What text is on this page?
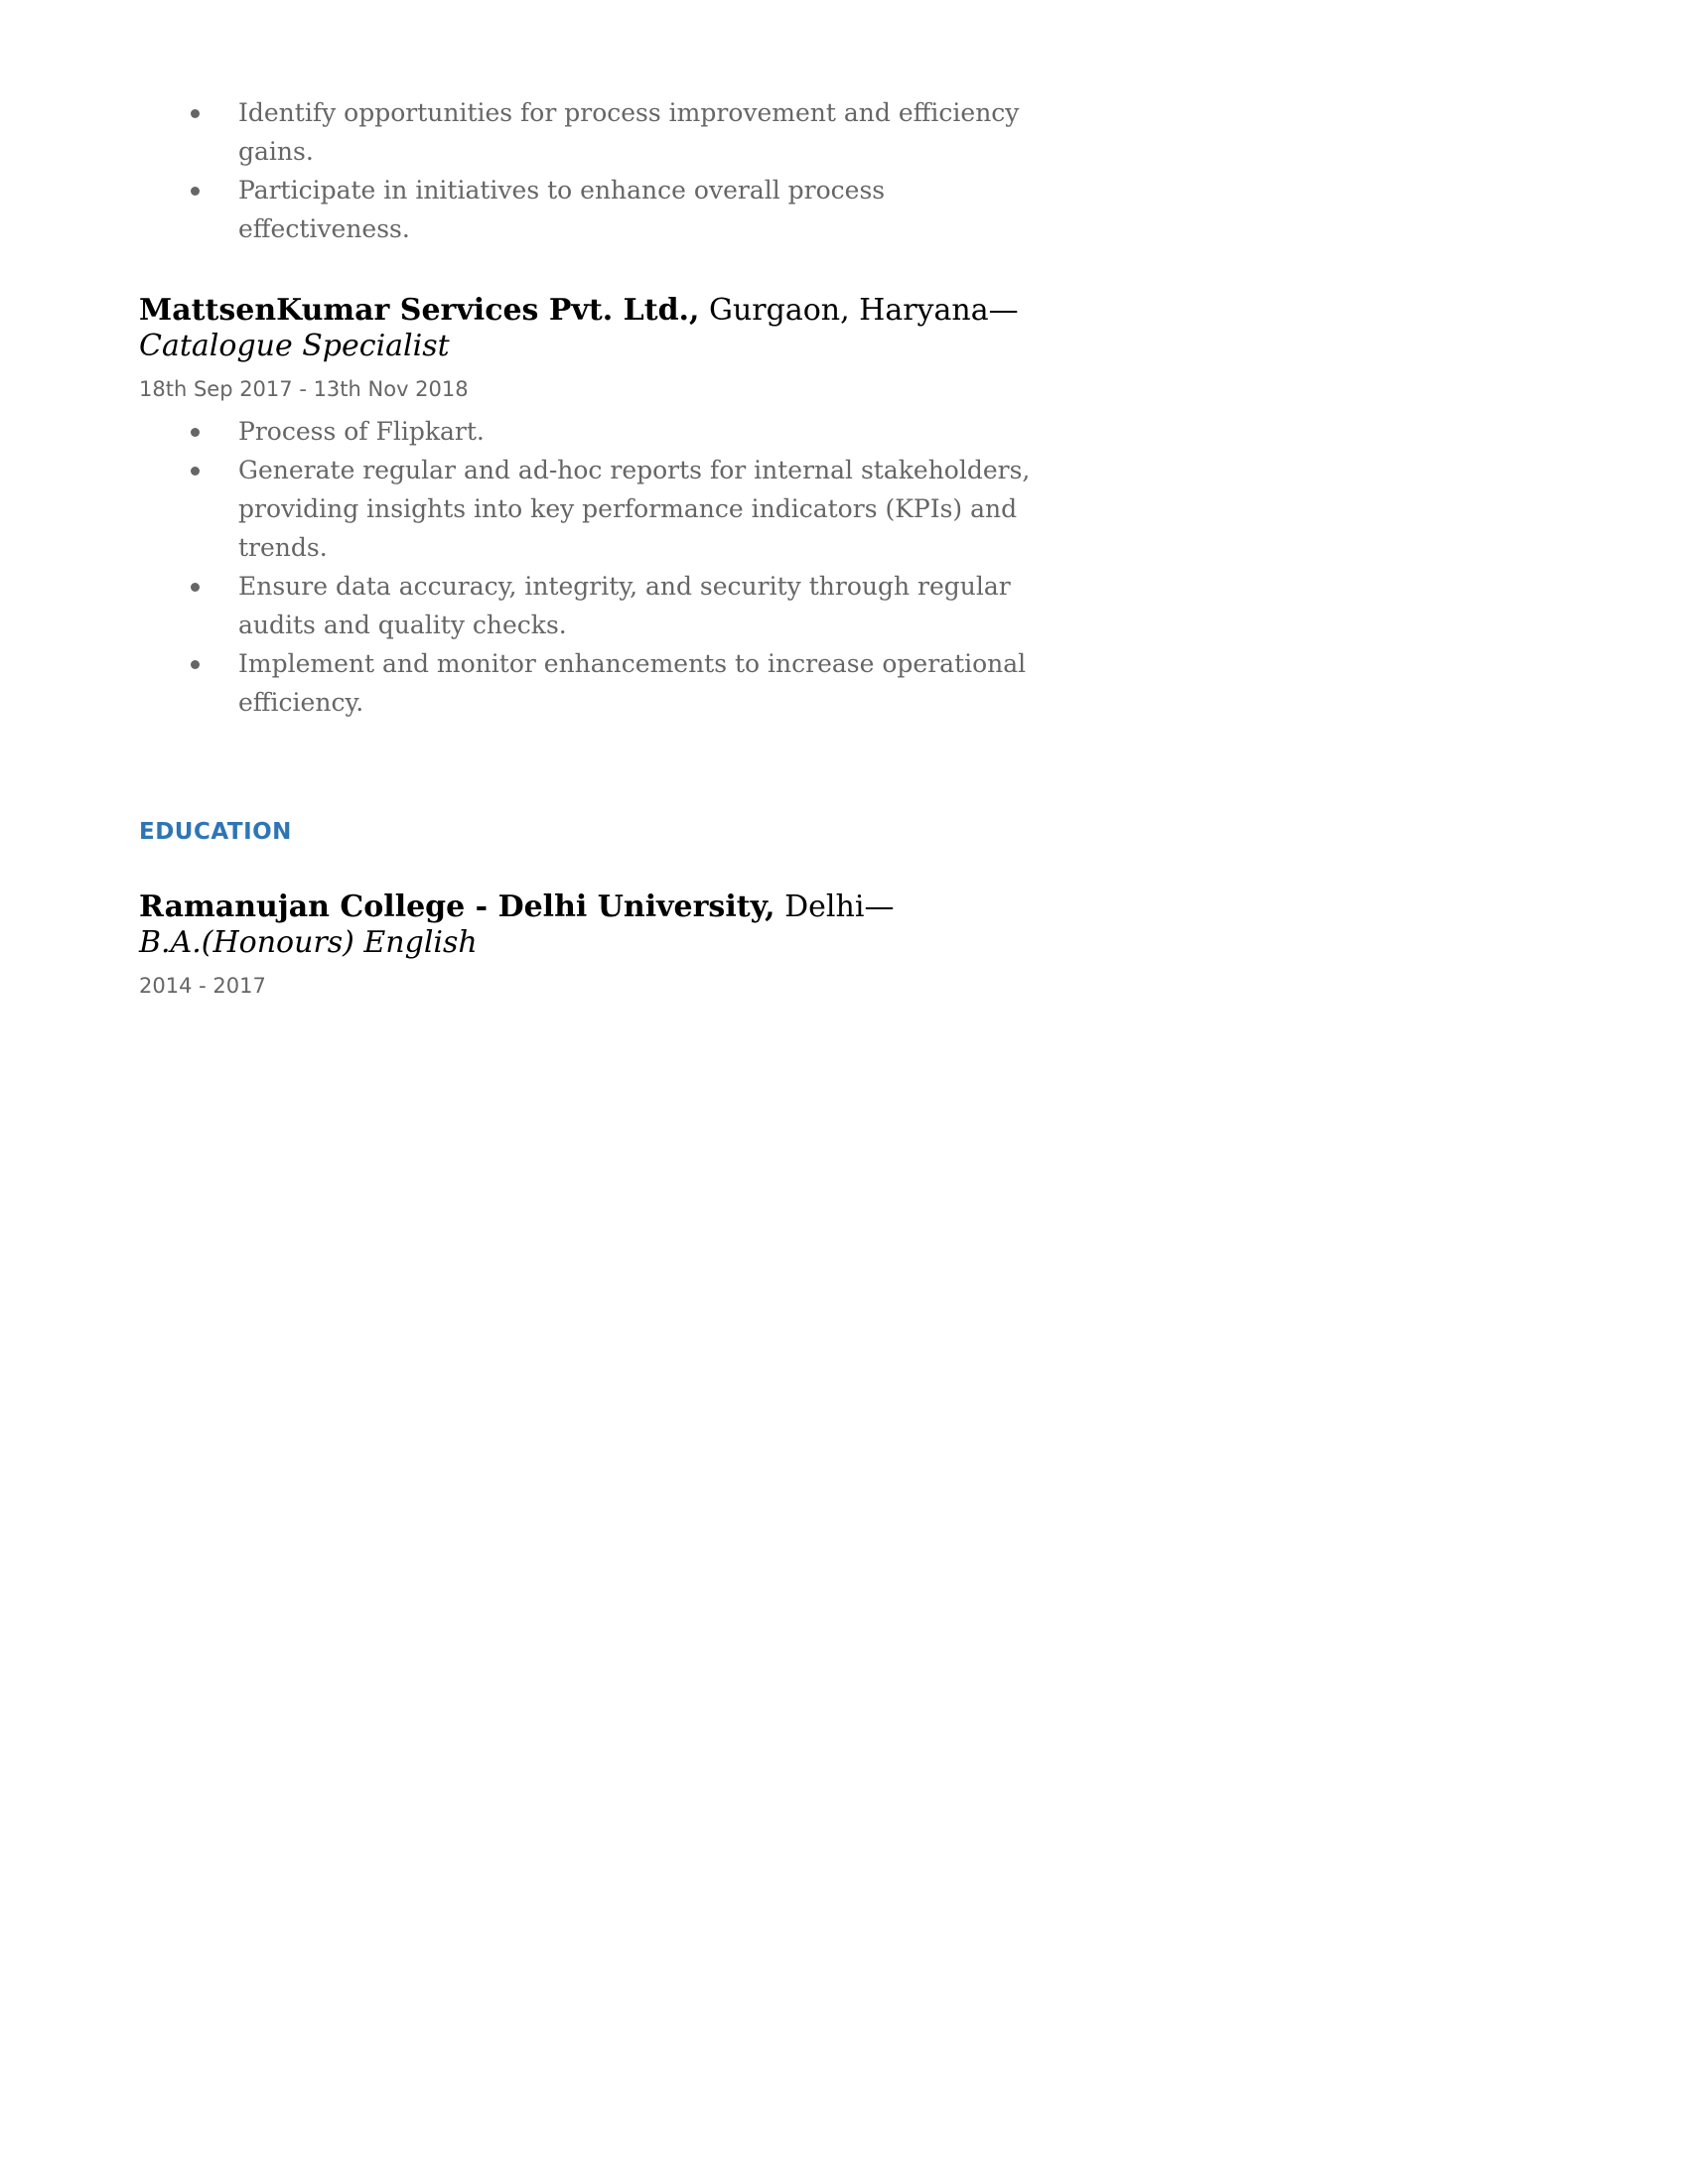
Identify opportunities for process improvement and efficiency gains.
Participate in initiatives to enhance overall process effectiveness.
MattsenKumar Services Pvt. Ltd., Gurgaon, Haryana—
Catalogue Specialist
18th Sep 2017 - 13th Nov 2018
Process of Flipkart.
Generate regular and ad-hoc reports for internal stakeholders, providing insights into key performance indicators (KPIs) and trends.
Ensure data accuracy, integrity, and security through regular audits and quality checks.
Implement and monitor enhancements to increase operational efficiency.
EDUCATION
Ramanujan College - Delhi University, Delhi—
B.A.(Honours) English
2014 - 2017
